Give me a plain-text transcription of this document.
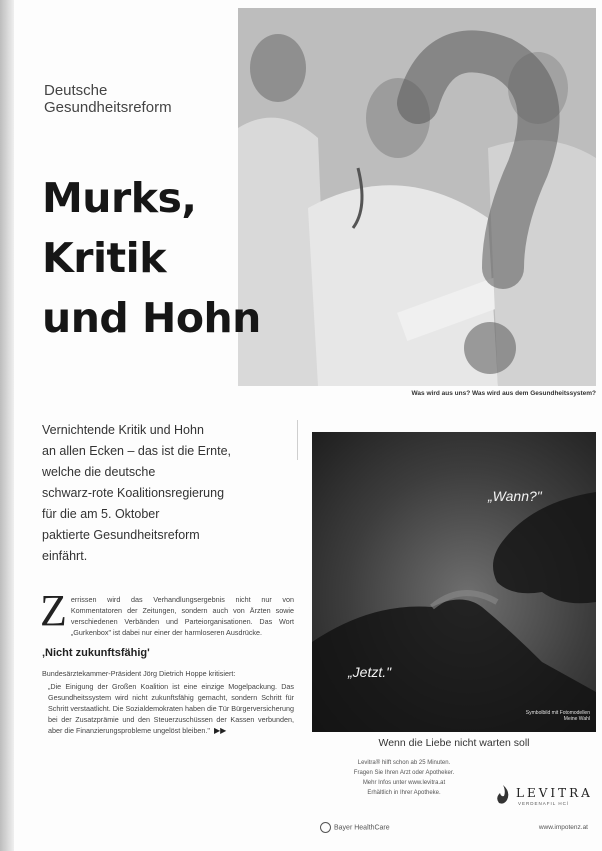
Was wird aus uns? Was wird aus dem Gesundheitssystem?
Deutsche
Gesundheitsreform
Murks,
Kritik
und Hohn
Vernichtende Kritik und Hohn
an allen Ecken – das ist die Ernte,
welche die deutsche
schwarz-rote Koalitionsregierung
für die am 5. Oktober
paktierte Gesundheitsreform
einfährt.

Zerrissen wird das Verhandlungsergebnis nicht nur von Kommentatoren der Zeitungen, sondern auch von Ärzten sowie verschiedenen Verbänden und Parteiorganisationen. Das Wort „Gurkenbox" ist dabei nur einer der harmloseren Ausdrücke.

‚Nicht zukunftsfähig'

Bundesärztekammer-Präsident Jörg Dietrich Hoppe kritisiert:

„Die Einigung der Großen Koalition ist eine einzige Mogelpackung. Das Gesundheitssystem wird nicht zukunftsfähig gemacht, sondern Schritt für Schritt verstaatlicht. Die Sozialdemokraten haben die Tür Bürgerversicherung bei der Zusatzprämie und den Steuerzuschüssen der Kassen verbunden, aber die Finanzierungsprobleme ungelöst bleiben." ▶▶

„Wann?"
„Jetzt."
Symbolbild mit Fotomodellen Meine Wahl
Wenn die Liebe nicht warten soll
Levitra® hilft schon ab 25 Minuten.
Fragen Sie Ihren Arzt oder Apotheker.
Mehr Infos unter www.levitra.at
Erhältlich in Ihrer Apotheke.	LEVITRA
VERDENAFIL HCl
Bayer HealthCare	www.impotenz.at
